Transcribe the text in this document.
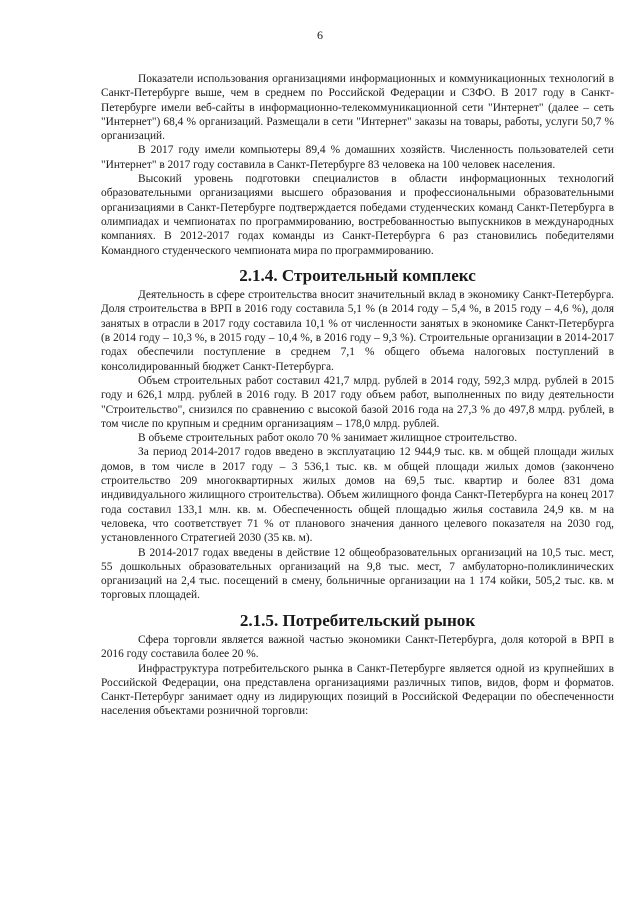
6

Показатели использования организациями информационных и коммуникационных технологий в Санкт-Петербурге выше, чем в среднем по Российской Федерации и СЗФО. В 2017 году в Санкт-Петербурге имели веб-сайты в информационно-телекоммуникационной сети "Интернет" (далее – сеть "Интернет") 68,4 % организаций. Размещали в сети "Интернет" заказы на товары, работы, услуги 50,7 % организаций.

В 2017 году имели компьютеры 89,4 % домашних хозяйств. Численность пользователей сети "Интернет" в 2017 году составила в Санкт-Петербурге 83 человека на 100 человек населения.

Высокий уровень подготовки специалистов в области информационных технологий образовательными организациями высшего образования и профессиональными образовательными организациями в Санкт-Петербурге подтверждается победами студенческих команд Санкт-Петербурга в олимпиадах и чемпионатах по программированию, востребованностью выпускников в международных компаниях. В 2012-2017 годах команды из Санкт-Петербурга 6 раз становились победителями Командного студенческого чемпионата мира по программированию.

2.1.4. Строительный комплекс

Деятельность в сфере строительства вносит значительный вклад в экономику Санкт-Петербурга. Доля строительства в ВРП в 2016 году составила 5,1 % (в 2014 году – 5,4 %, в 2015 году – 4,6 %), доля занятых в отрасли в 2017 году составила 10,1 % от численности занятых в экономике Санкт-Петербурга (в 2014 году – 10,3 %, в 2015 году – 10,4 %, в 2016 году – 9,3 %). Строительные организации в 2014-2017 годах обеспечили поступление в среднем 7,1 % общего объема налоговых поступлений в консолидированный бюджет Санкт-Петербурга.

Объем строительных работ составил 421,7 млрд. рублей в 2014 году, 592,3 млрд. рублей в 2015 году и 626,1 млрд. рублей в 2016 году. В 2017 году объем работ, выполненных по виду деятельности "Строительство", снизился по сравнению с высокой базой 2016 года на 27,3 % до 497,8 млрд. рублей, в том числе по крупным и средним организациям – 178,0 млрд. рублей.

В объеме строительных работ около 70 % занимает жилищное строительство.

За период 2014-2017 годов введено в эксплуатацию 12 944,9 тыс. кв. м общей площади жилых домов, в том числе в 2017 году – 3 536,1 тыс. кв. м общей площади жилых домов (закончено строительство 209 многоквартирных жилых домов на 69,5 тыс. квартир и более 831 дома индивидуального жилищного строительства). Объем жилищного фонда Санкт-Петербурга на конец 2017 года составил 133,1 млн. кв. м. Обеспеченность общей площадью жилья составила 24,9 кв. м на человека, что соответствует 71 % от планового значения данного целевого показателя на 2030 год, установленного Стратегией 2030 (35 кв. м).

В 2014-2017 годах введены в действие 12 общеобразовательных организаций на 10,5 тыс. мест, 55 дошкольных образовательных организаций на 9,8 тыс. мест, 7 амбулаторно-поликлинических организаций на 2,4 тыс. посещений в смену, больничные организации на 1 174 койки, 505,2 тыс. кв. м торговых площадей.

2.1.5. Потребительский рынок

Сфера торговли является важной частью экономики Санкт-Петербурга, доля которой в ВРП в 2016 году составила более 20 %.

Инфраструктура потребительского рынка в Санкт-Петербурге является одной из крупнейших в Российской Федерации, она представлена организациями различных типов, видов, форм и форматов. Санкт-Петербург занимает одну из лидирующих позиций в Российской Федерации по обеспеченности населения объектами розничной торговли:
